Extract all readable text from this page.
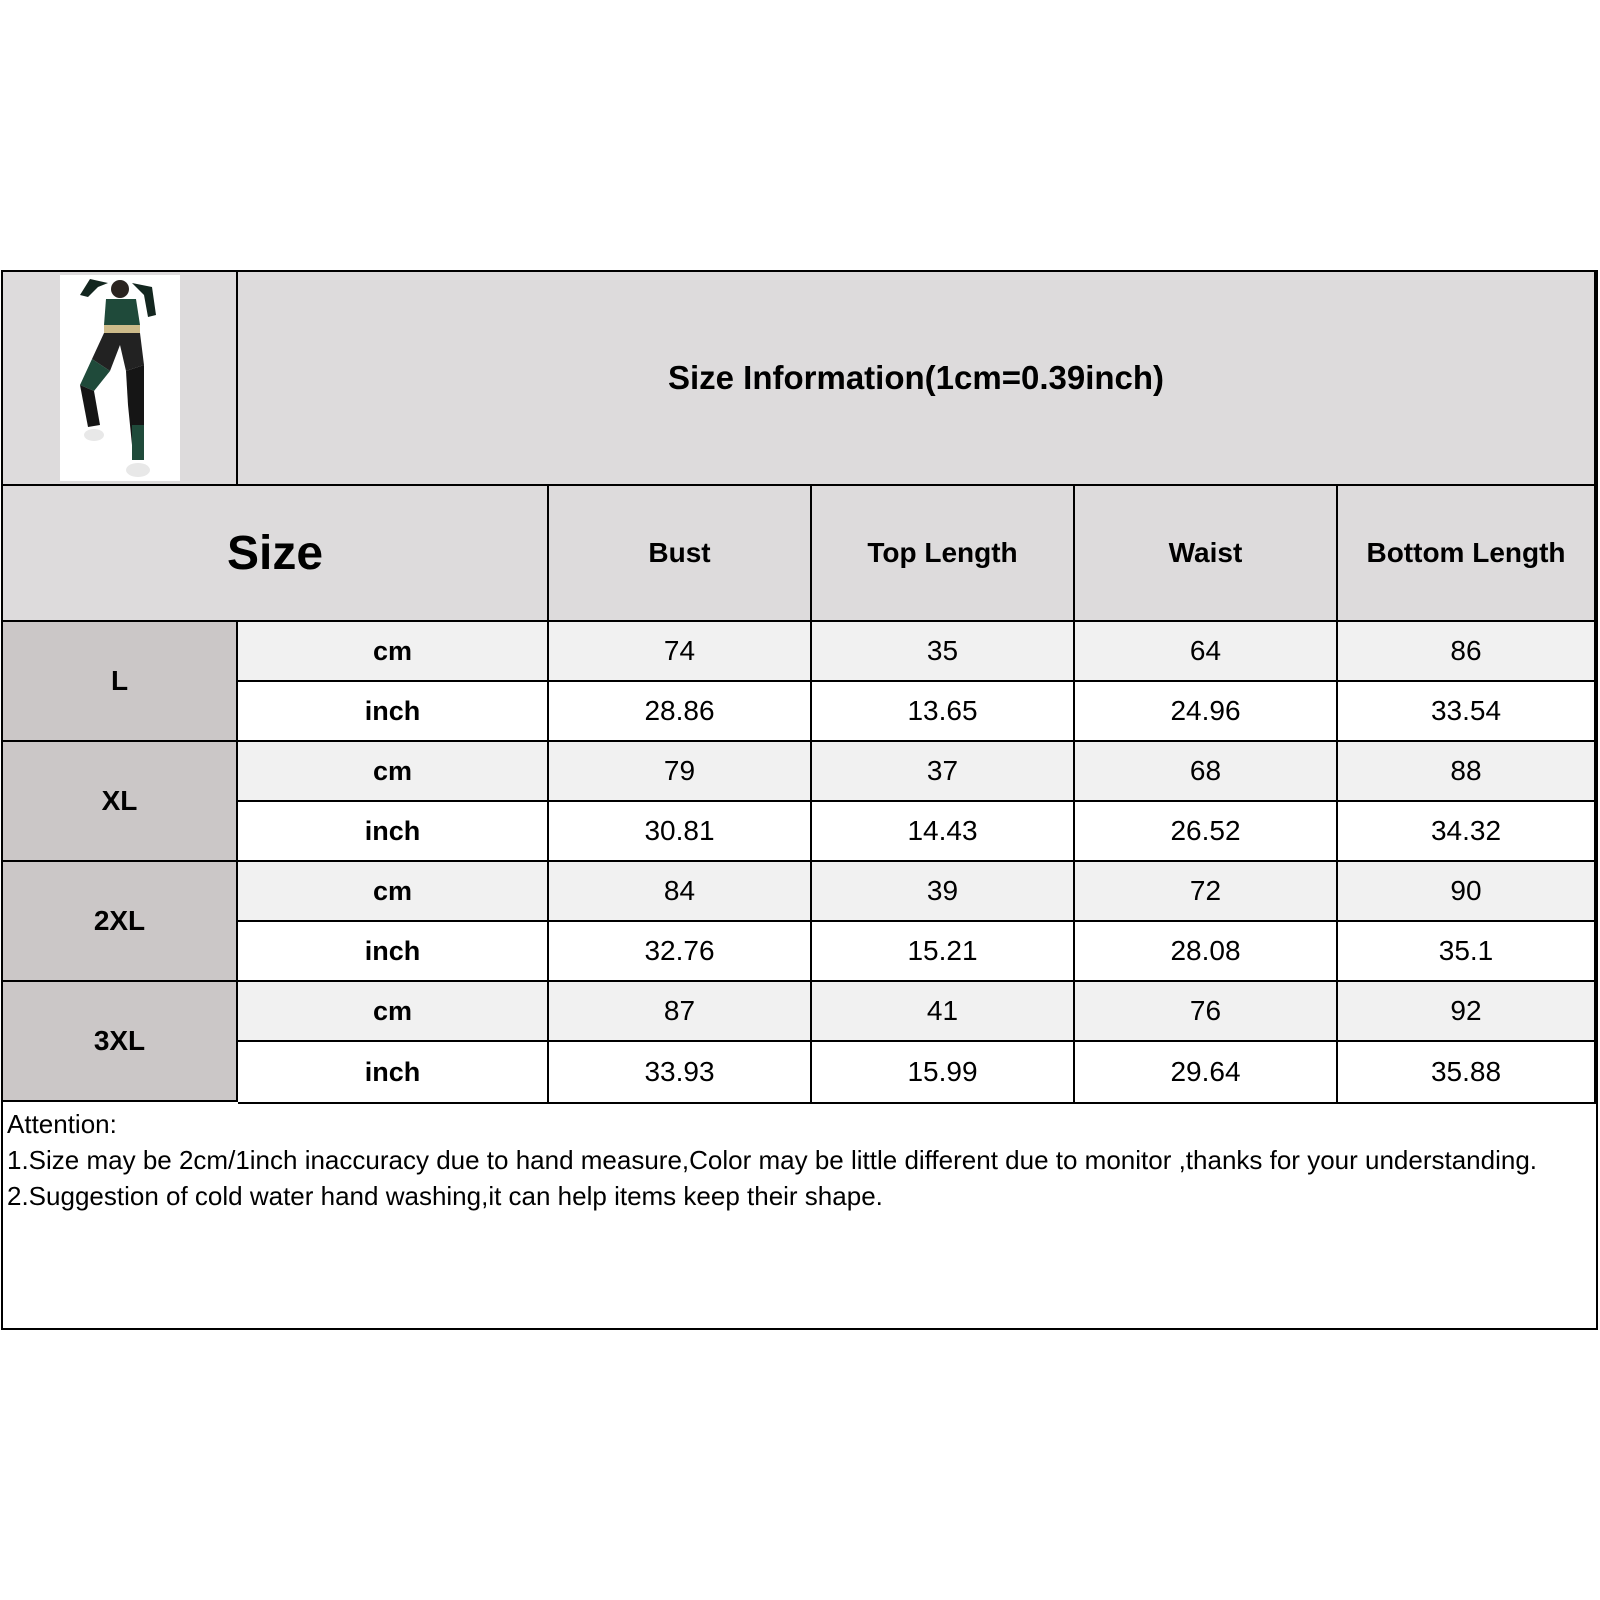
Size Information(1cm=0.39inch)
Size	Bust	Top Length	Waist	Bottom Length
L
cm	74	35	64	86
inch	28.86	13.65	24.96	33.54
XL
cm	79	37	68	88
inch	30.81	14.43	26.52	34.32
2XL
cm	84	39	72	90
inch	32.76	15.21	28.08	35.1
3XL
cm	87	41	76	92
inch	33.93	15.99	29.64	35.88
Attention:
1.Size may be 2cm/1inch inaccuracy due to hand measure,Color may be little different due to monitor ,thanks for your understanding.
2.Suggestion of cold water hand washing,it can help items keep their shape.
